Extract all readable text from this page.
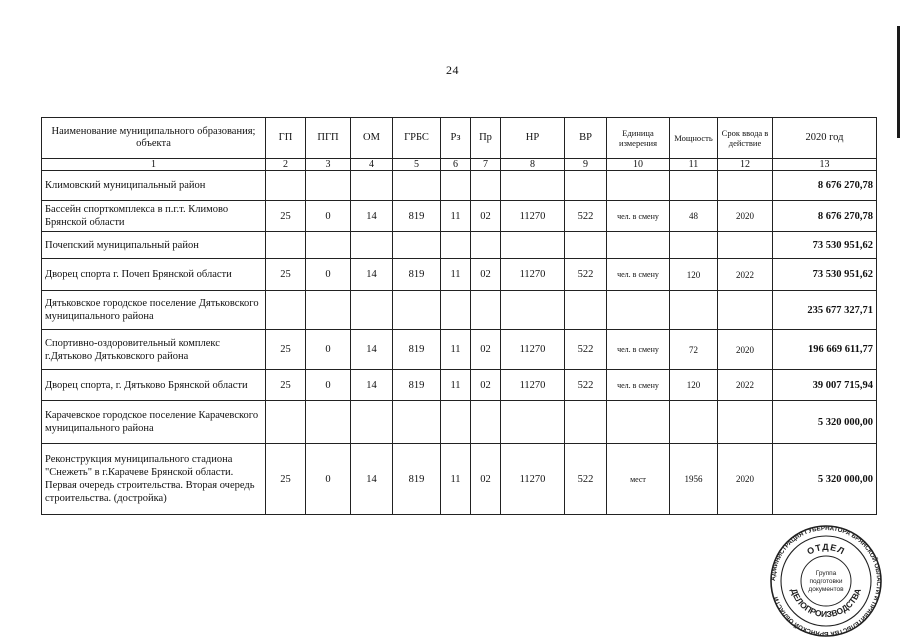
24
Наименование муниципального образования; объекта	ГП	ПГП	ОМ	ГРБС	Рз	Пр	НР	ВР	Единица измерения	Мощность	Срок ввода в действие	2020 год
1	2	3	4	5	6	7	8	9	10	11	12	13
Климовский муниципальный район												8 676 270,78
Бассейн спорткомплекса в п.г.т. Климово Брянской области	25	0	14	819	11	02	11270	522	чел. в смену	48	2020	8 676 270,78
Почепский муниципальный район												73 530 951,62
Дворец спорта г. Почеп Брянской области	25	0	14	819	11	02	11270	522	чел. в смену	120	2022	73 530 951,62
Дятьковское городское поселение Дятьковского муниципального района												235 677 327,71
Спортивно-оздоровительный комплекс г.Дятьково Дятьковского района	25	0	14	819	11	02	11270	522	чел. в смену	72	2020	196 669 611,77
Дворец спорта, г. Дятьково Брянской области	25	0	14	819	11	02	11270	522	чел. в смену	120	2022	39 007 715,94
Карачевское городское поселение Карачевского муниципального района												5 320 000,00
Реконструкция муниципального стадиона "Снежеть" в г.Карачеве Брянской области. Первая очередь строительства. Вторая очередь строительства. (достройка)	25	0	14	819	11	02	11270	522	мест	1956	2020	5 320 000,00
АДМИНИСТРАЦИЯ ГУБЕРНАТОРА БРЯНСКОЙ ОБЛАСТИ И ПРАВИТЕЛЬСТВА БРЯНСКОЙ ОБЛАСТИ
ОТДЕЛ
ДЕЛОПРОИЗВОДСТВА
Группа
подготовки
документов
